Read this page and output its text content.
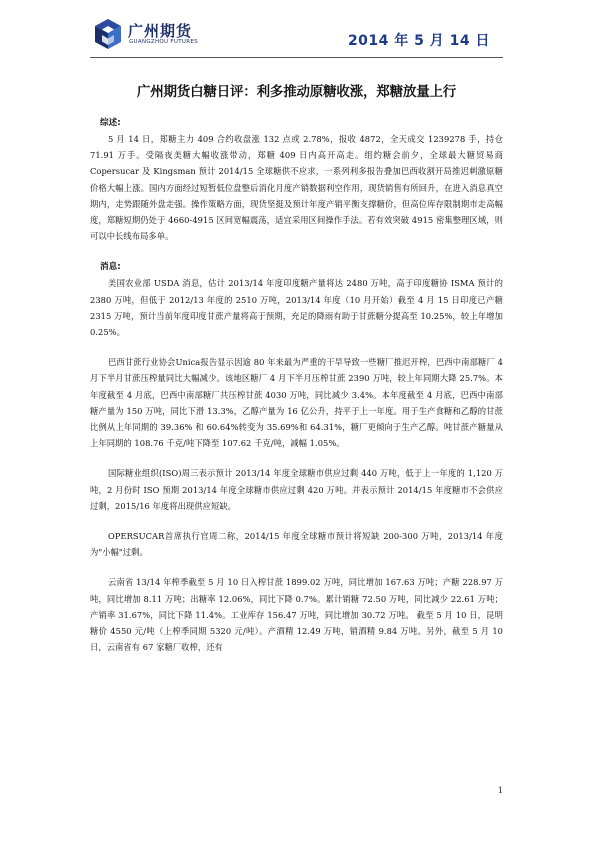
广州期货
GUANGZHOU FUTURES	2014 年 5 月 14 日
广州期货白糖日评：利多推动原糖收涨，郑糖放量上行
综述:

5 月 14 日，郑糖主力 409 合约收盘涨 132 点或 2.78%，报收 4872，全天成交 1239278 手，持仓 71.91 万手。受隔夜美糖大幅收涨带动，郑糖 409 日内高开高走。组约糖会前夕，全球最大糖贸易商 Copersucar 及 Kingsman 预计 2014/15 全球糖供不应求，一系列利多报告叠加巴西收割开局推迟刺激原糖价格大幅上涨。国内方面经过短暂低位盘整后消化月度产销数据利空作用，现货销售有所回升，在进入消息真空期内，走势跟随外盘走强。操作策略方面，现货坚挺及预计年度产销平衡支撑糖价，但高位库存限制期市走高幅度，郑糖短期仍处于 4660-4915 区间宽幅震荡，适宜采用区间操作手法。若有效突破 4915 密集整理区域，则可以中长线布局多单。

消息:

美国农业部 USDA 消息，估计 2013/14 年度印度糖产量将达 2480 万吨，高于印度糖协 ISMA 预计的 2380 万吨，但低于 2012/13 年度的 2510 万吨，2013/14 年度（10 月开始）截至 4 月 15 日印度已产糖 2315 万吨，预计当前年度印度甘蔗产量将高于预期，充足的降雨有助于甘蔗糖分提高至 10.25%，较上年增加 0.25%。

巴西甘蔗行业协会Unica报告显示因逾 80 年来最为严重的干旱导致一些糖厂推迟开榨，巴西中南部糖厂 4 月下半月甘蔗压榨量同比大幅减少。该地区糖厂 4 月下半月压榨甘蔗 2390 万吨，较上年同期大降 25.7%。本年度截至 4 月底，巴西中南部糖厂共压榨甘蔗 4030 万吨，同比减少 3.4%。本年度截至 4 月底，巴西中南部糖产量为 150 万吨，同比下滑 13.3%，乙醇产量为 16 亿公升，持平于上一年度。用于生产食糖和乙醇的甘蔗比例从上年同期的 39.36% 和 60.64%转变为 35.69%和 64.31%，糖厂更倾向于生产乙醇。吨甘蔗产糖量从上年同期的 108.76 千克/吨下降至 107.62 千克/吨，减幅 1.05%。

国际糖业组织(ISO)周三表示预计 2013/14 年度全球糖市供应过剩 440 万吨，低于上一年度的 1,120 万吨，2 月份时 ISO 预期 2013/14 年度全球糖市供应过剩 420 万吨。并表示预计 2014/15 年度糖市不会供应过剩，2015/16 年度将出现供应短缺。

OPERSUCAR首席执行官周二称，2014/15 年度全球糖市预计将短缺 200-300 万吨，2013/14 年度为"小幅"过剩。

云南省 13/14 年榨季截至 5 月 10 日入榨甘蔗 1899.02 万吨，同比增加 167.63 万吨；产糖 228.97 万吨，同比增加 8.11 万吨；出糖率 12.06%，同比下降 0.7%。累计销糖 72.50 万吨，同比减少 22.61 万吨；产销率 31.67%，同比下降 11.4%。工业库存 156.47 万吨，同比增加 30.72 万吨。 截至 5 月 10 日，昆明糖价 4550 元/吨（上榨季同期 5320 元/吨）。产酒精 12.49 万吨，销酒精 9.84 万吨。另外，截至 5 月 10 日，云南省有 67 家糖厂收榨，还有

1
